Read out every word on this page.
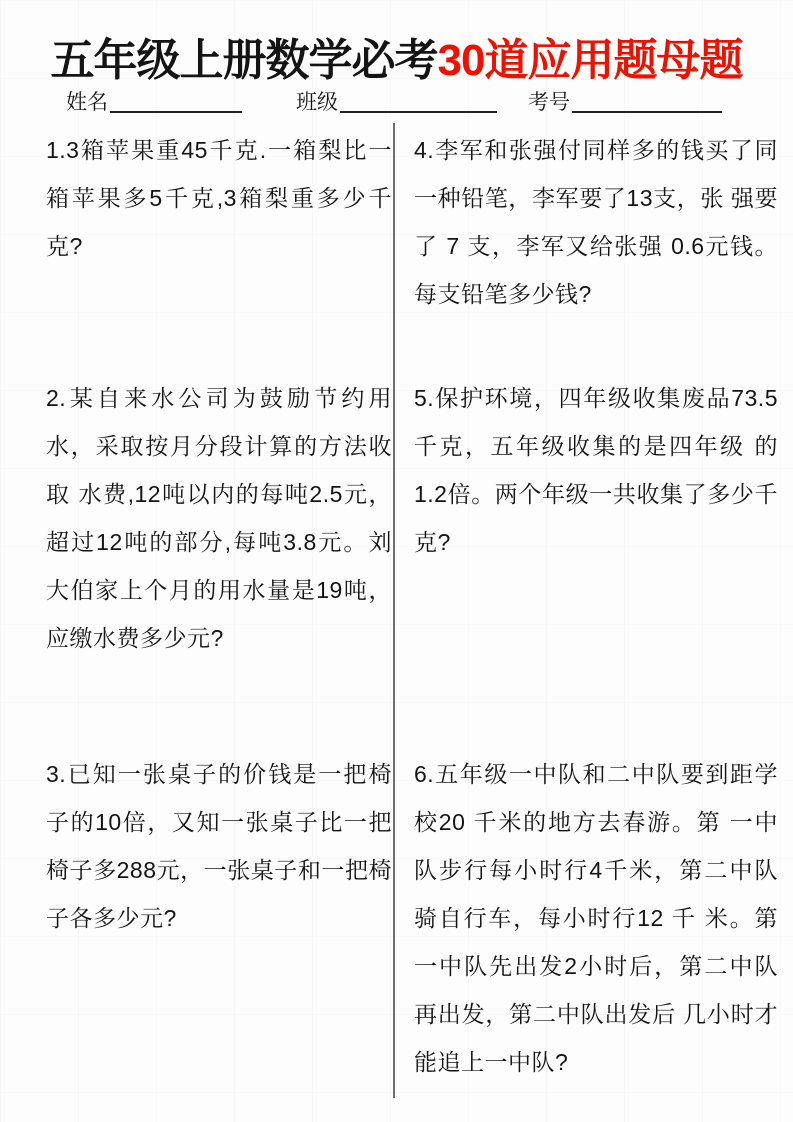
五年级上册数学必考30道应用题母题
姓名	班级	考号
1.3箱苹果重45千克.一箱梨比一箱苹果多5千克,3箱梨重多少千克?
2.某自来水公司为鼓励节约用水，采取按月分段计算的方法收取 水费,12吨以内的每吨2.5元，超过12吨的部分,每吨3.8元。刘大伯家上个月的用水量是19吨，应缴水费多少元?
3.已知一张桌子的价钱是一把椅子的10倍，又知一张桌子比一把 椅子多288元，一张桌子和一把椅子各多少元?
4.李军和张强付同样多的钱买了同一种铅笔，李军要了13支，张 强要了 7 支，李军又给张强 0.6元钱。每支铅笔多少钱?
5.保护环境，四年级收集废品73.5千克，五年级收集的是四年级 的1.2倍。两个年级一共收集了多少千克?
6.五年级一中队和二中队要到距学校20 千米的地方去春游。第 一中队步行每小时行4千米，第二中队骑自行车，每小时行12 千 米。第一中队先出发2小时后，第二中队再出发，第二中队出发后 几小时才能追上一中队?
